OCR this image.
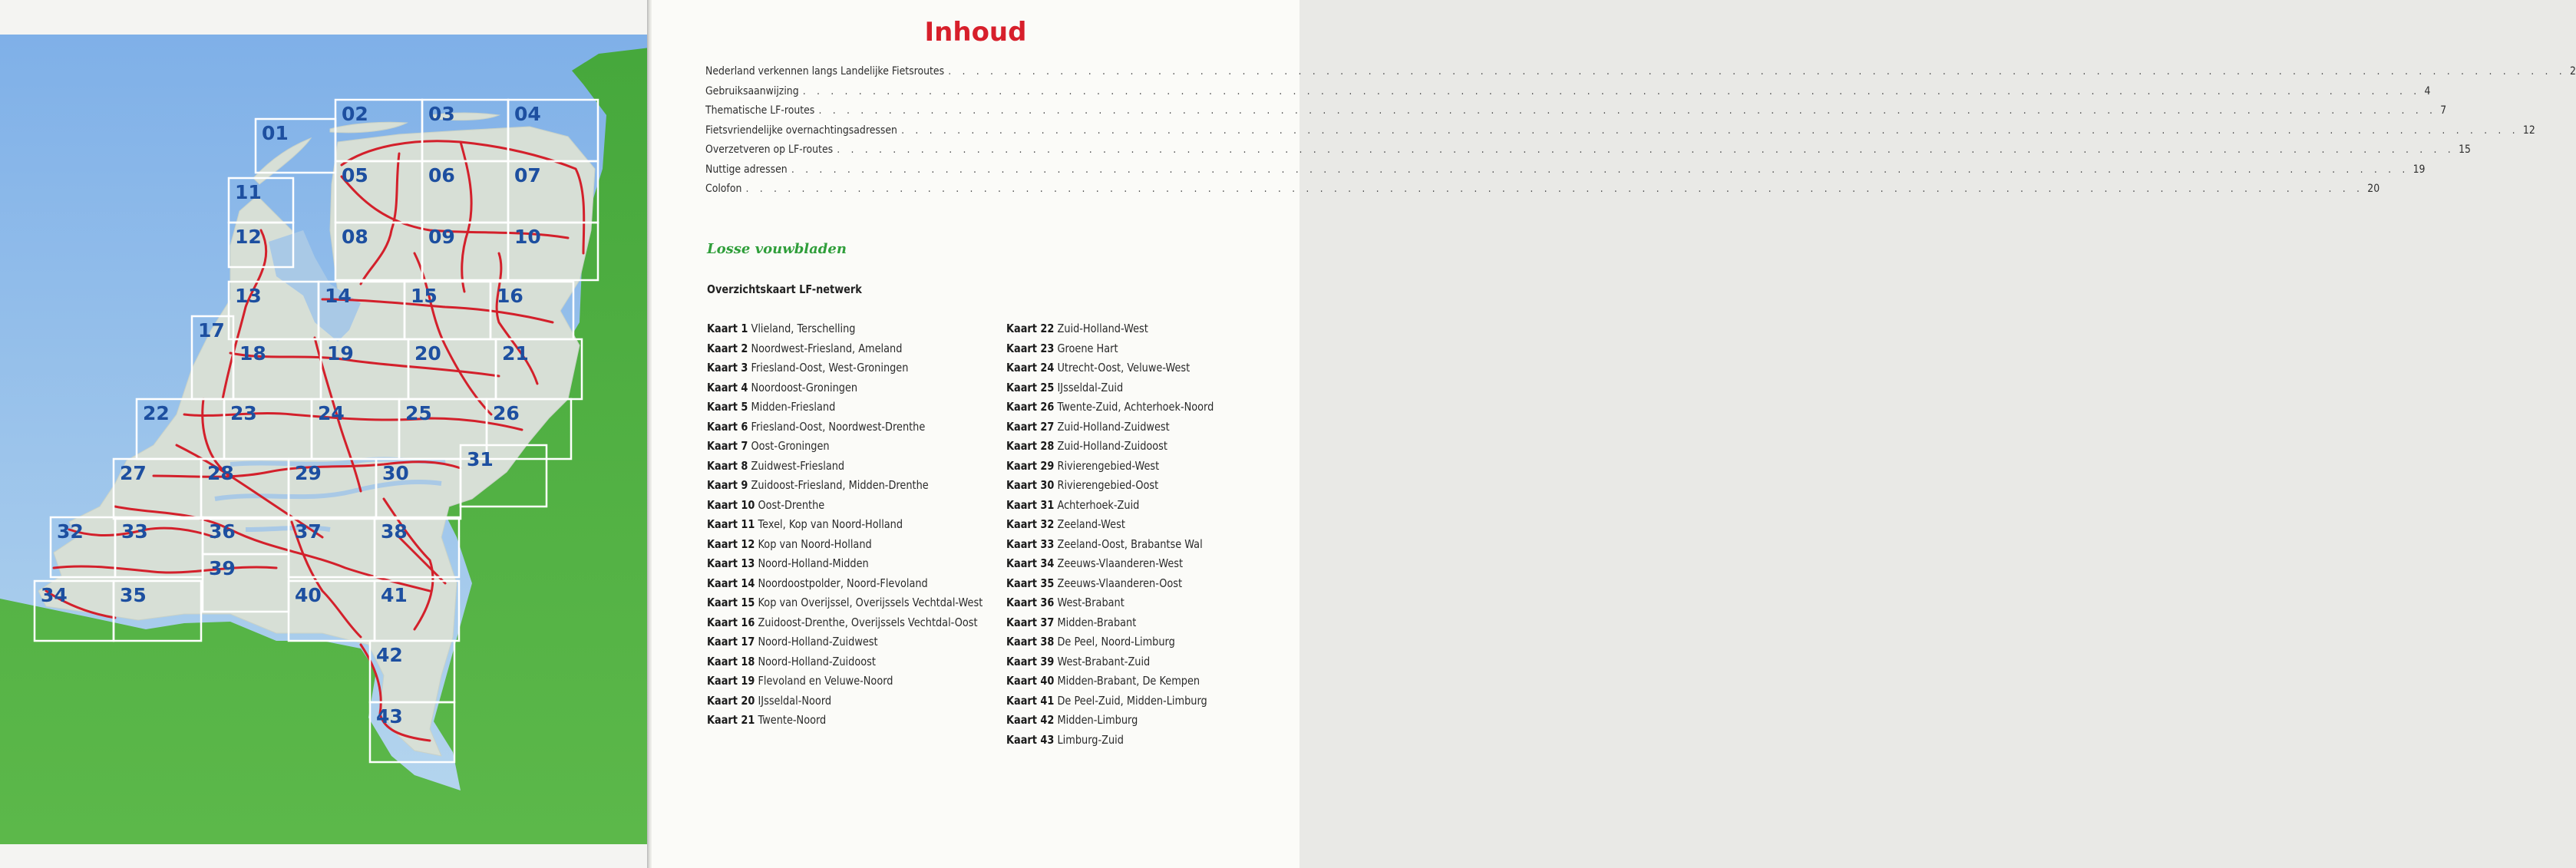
01
02	03	04
05	06	07
08	09	10
11
12
13	14	15	16
17
18	19	20	21
22	23	24	25	26
27	28	29	30
31
32 33
34	35
36	37	38
39
40	41
42
43
Inhoud
Nederland verkennen langs Landelijke Fietsroutes . . .	2
Gebruiksaanwijzing . . .	4
Thematische LF-routes . . .	7
Fietsvriendelijke overnachtingsadressen . . .	12
Overzetveren op LF-routes . . .	15
Nuttige adressen . . .	19
Colofon . . .	20
Losse vouwbladen
Overzichtskaart LF-netwerk
Kaart 1 Vlieland, Terschelling
Kaart 2 Noordwest-Friesland, Ameland
Kaart 3 Friesland-Oost, West-Groningen
Kaart 4 Noordoost-Groningen
Kaart 5 Midden-Friesland
Kaart 6 Friesland-Oost, Noordwest-Drenthe
Kaart 7 Oost-Groningen
Kaart 8 Zuidwest-Friesland
Kaart 9 Zuidoost-Friesland, Midden-Drenthe
Kaart 10 Oost-Drenthe
Kaart 11 Texel, Kop van Noord-Holland
Kaart 12 Kop van Noord-Holland
Kaart 13 Noord-Holland-Midden
Kaart 14 Noordoostpolder, Noord-Flevoland
Kaart 15 Kop van Overijssel, Overijssels Vechtdal-West
Kaart 16 Zuidoost-Drenthe, Overijssels Vechtdal-Oost
Kaart 17 Noord-Holland-Zuidwest
Kaart 18 Noord-Holland-Zuidoost
Kaart 19 Flevoland en Veluwe-Noord
Kaart 20 IJsseldal-Noord
Kaart 21 Twente-Noord
Kaart 22 Zuid-Holland-West
Kaart 23 Groene Hart
Kaart 24 Utrecht-Oost, Veluwe-West
Kaart 25 IJsseldal-Zuid
Kaart 26 Twente-Zuid, Achterhoek-Noord
Kaart 27 Zuid-Holland-Zuidwest
Kaart 28 Zuid-Holland-Zuidoost
Kaart 29 Rivierengebied-West
Kaart 30 Rivierengebied-Oost
Kaart 31 Achterhoek-Zuid
Kaart 32 Zeeland-West
Kaart 33 Zeeland-Oost, Brabantse Wal
Kaart 34 Zeeuws-Vlaanderen-West
Kaart 35 Zeeuws-Vlaanderen-Oost
Kaart 36 West-Brabant
Kaart 37 Midden-Brabant
Kaart 38 De Peel, Noord-Limburg
Kaart 39 West-Brabant-Zuid
Kaart 40 Midden-Brabant, De Kempen
Kaart 41 De Peel-Zuid, Midden-Limburg
Kaart 42 Midden-Limburg
Kaart 43 Limburg-Zuid
